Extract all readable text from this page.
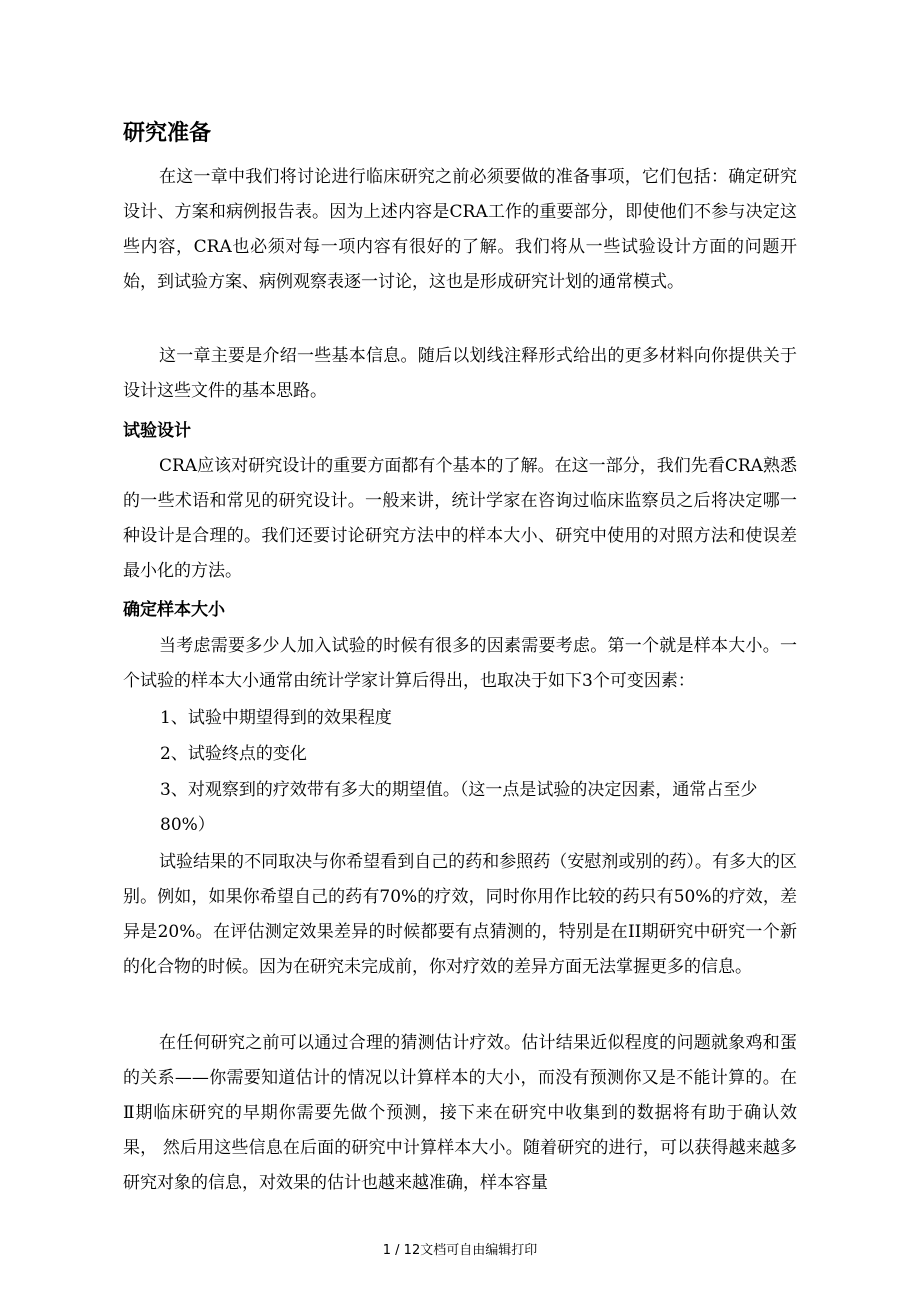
研究准备

在这一章中我们将讨论进行临床研究之前必须要做的准备事项，它们包括：确定研究设计、方案和病例报告表。因为上述内容是CRA工作的重要部分，即使他们不参与决定这些内容，CRA也必须对每一项内容有很好的了解。我们将从一些试验设计方面的问题开始，到试验方案、病例观察表逐一讨论，这也是形成研究计划的通常模式。

这一章主要是介绍一些基本信息。随后以划线注释形式给出的更多材料向你提供关于设计这些文件的基本思路。

试验设计

CRA应该对研究设计的重要方面都有个基本的了解。在这一部分，我们先看CRA熟悉的一些术语和常见的研究设计。一般来讲，统计学家在咨询过临床监察员之后将决定哪一种设计是合理的。我们还要讨论研究方法中的样本大小、研究中使用的对照方法和使误差最小化的方法。

确定样本大小

当考虑需要多少人加入试验的时候有很多的因素需要考虑。第一个就是样本大小。一个试验的样本大小通常由统计学家计算后得出，也取决于如下3个可变因素：

1、试验中期望得到的效果程度
2、试验终点的变化
3、对观察到的疗效带有多大的期望值。（这一点是试验的决定因素，通常占至少80%）

试验结果的不同取决与你希望看到自己的药和参照药（安慰剂或别的药）。有多大的区别。例如，如果你希望自己的药有70%的疗效，同时你用作比较的药只有50%的疗效，差异是20%。在评估测定效果差异的时候都要有点猜测的，特别是在II期研究中研究一个新的化合物的时候。因为在研究未完成前，你对疗效的差异方面无法掌握更多的信息。

在任何研究之前可以通过合理的猜测估计疗效。估计结果近似程度的问题就象鸡和蛋的关系——你需要知道估计的情况以计算样本的大小，而没有预测你又是不能计算的。在Ⅱ期临床研究的早期你需要先做个预测，接下来在研究中收集到的数据将有助于确认效果， 然后用这些信息在后面的研究中计算样本大小。随着研究的进行，可以获得越来越多研究对象的信息，对效果的估计也越来越准确，样本容量

1 / 12文档可自由编辑打印
